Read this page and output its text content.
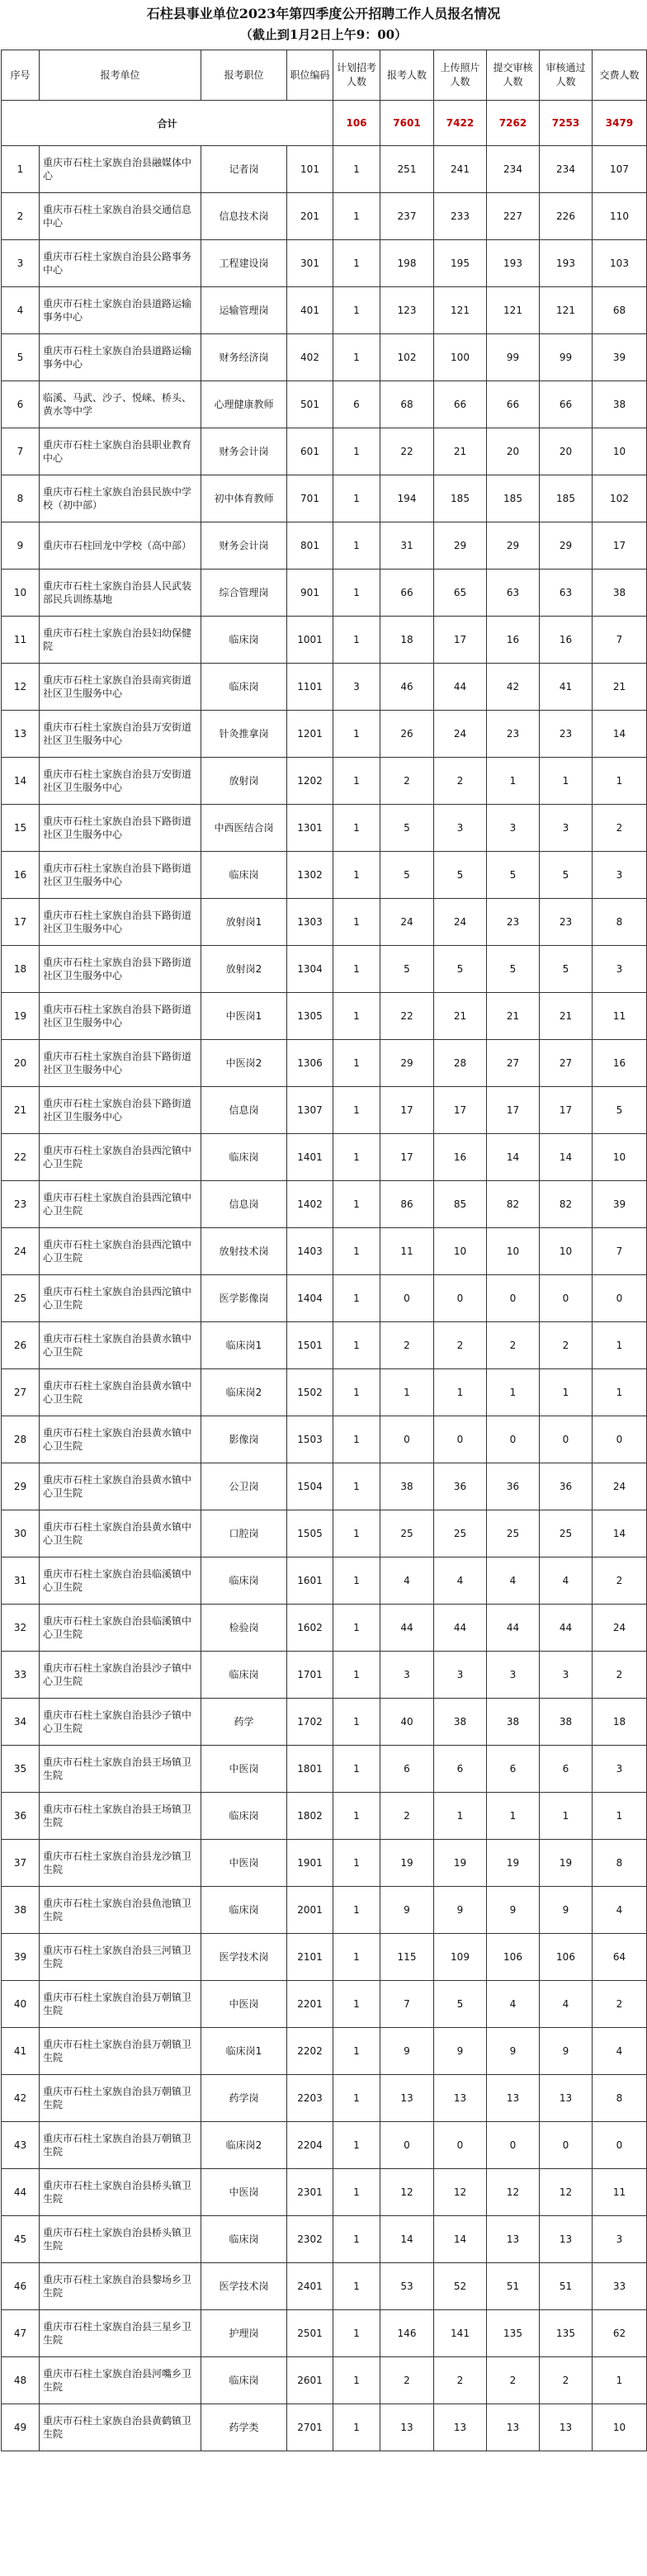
石柱县事业单位2023年第四季度公开招聘工作人员报名情况
（截止到1月2日上午9：00）
序号	报考单位	报考职位	职位编码	计划招考人数	报考人数	上传照片人数	提交审核人数	审核通过人数	交费人数
合计				106	7601	7422	7262	7253	3479
1	重庆市石柱土家族自治县融媒体中心	记者岗	101	1	251	241	234	234	107
2	重庆市石柱土家族自治县交通信息中心	信息技术岗	201	1	237	233	227	226	110
3	重庆市石柱土家族自治县公路事务中心	工程建设岗	301	1	198	195	193	193	103
4	重庆市石柱土家族自治县道路运输事务中心	运输管理岗	401	1	123	121	121	121	68
5	重庆市石柱土家族自治县道路运输事务中心	财务经济岗	402	1	102	100	99	99	39
6	临溪、马武、沙子、悦崃、桥头、黄水等中学	心理健康教师	501	6	68	66	66	66	38
7	重庆市石柱土家族自治县职业教育中心	财务会计岗	601	1	22	21	20	20	10
8	重庆市石柱土家族自治县民族中学校（初中部）	初中体育教师	701	1	194	185	185	185	102
9	重庆市石柱回龙中学校（高中部）	财务会计岗	801	1	31	29	29	29	17
10	重庆市石柱土家族自治县人民武装部民兵训练基地	综合管理岗	901	1	66	65	63	63	38
11	重庆市石柱土家族自治县妇幼保健院	临床岗	1001	1	18	17	16	16	7
12	重庆市石柱土家族自治县南宾街道社区卫生服务中心	临床岗	1101	3	46	44	42	41	21
13	重庆市石柱土家族自治县万安街道社区卫生服务中心	针灸推拿岗	1201	1	26	24	23	23	14
14	重庆市石柱土家族自治县万安街道社区卫生服务中心	放射岗	1202	1	2	2	1	1	1
15	重庆市石柱土家族自治县下路街道社区卫生服务中心	中西医结合岗	1301	1	5	3	3	3	2
16	重庆市石柱土家族自治县下路街道社区卫生服务中心	临床岗	1302	1	5	5	5	5	3
17	重庆市石柱土家族自治县下路街道社区卫生服务中心	放射岗1	1303	1	24	24	23	23	8
18	重庆市石柱土家族自治县下路街道社区卫生服务中心	放射岗2	1304	1	5	5	5	5	3
19	重庆市石柱土家族自治县下路街道社区卫生服务中心	中医岗1	1305	1	22	21	21	21	11
20	重庆市石柱土家族自治县下路街道社区卫生服务中心	中医岗2	1306	1	29	28	27	27	16
21	重庆市石柱土家族自治县下路街道社区卫生服务中心	信息岗	1307	1	17	17	17	17	5
22	重庆市石柱土家族自治县西沱镇中心卫生院	临床岗	1401	1	17	16	14	14	10
23	重庆市石柱土家族自治县西沱镇中心卫生院	信息岗	1402	1	86	85	82	82	39
24	重庆市石柱土家族自治县西沱镇中心卫生院	放射技术岗	1403	1	11	10	10	10	7
25	重庆市石柱土家族自治县西沱镇中心卫生院	医学影像岗	1404	1	0	0	0	0	0
26	重庆市石柱土家族自治县黄水镇中心卫生院	临床岗1	1501	1	2	2	2	2	1
27	重庆市石柱土家族自治县黄水镇中心卫生院	临床岗2	1502	1	1	1	1	1	1
28	重庆市石柱土家族自治县黄水镇中心卫生院	影像岗	1503	1	0	0	0	0	0
29	重庆市石柱土家族自治县黄水镇中心卫生院	公卫岗	1504	1	38	36	36	36	24
30	重庆市石柱土家族自治县黄水镇中心卫生院	口腔岗	1505	1	25	25	25	25	14
31	重庆市石柱土家族自治县临溪镇中心卫生院	临床岗	1601	1	4	4	4	4	2
32	重庆市石柱土家族自治县临溪镇中心卫生院	检验岗	1602	1	44	44	44	44	24
33	重庆市石柱土家族自治县沙子镇中心卫生院	临床岗	1701	1	3	3	3	3	2
34	重庆市石柱土家族自治县沙子镇中心卫生院	药学	1702	1	40	38	38	38	18
35	重庆市石柱土家族自治县王场镇卫生院	中医岗	1801	1	6	6	6	6	3
36	重庆市石柱土家族自治县王场镇卫生院	临床岗	1802	1	2	1	1	1	1
37	重庆市石柱土家族自治县龙沙镇卫生院	中医岗	1901	1	19	19	19	19	8
38	重庆市石柱土家族自治县鱼池镇卫生院	临床岗	2001	1	9	9	9	9	4
39	重庆市石柱土家族自治县三河镇卫生院	医学技术岗	2101	1	115	109	106	106	64
40	重庆市石柱土家族自治县万朝镇卫生院	中医岗	2201	1	7	5	4	4	2
41	重庆市石柱土家族自治县万朝镇卫生院	临床岗1	2202	1	9	9	9	9	4
42	重庆市石柱土家族自治县万朝镇卫生院	药学岗	2203	1	13	13	13	13	8
43	重庆市石柱土家族自治县万朝镇卫生院	临床岗2	2204	1	0	0	0	0	0
44	重庆市石柱土家族自治县桥头镇卫生院	中医岗	2301	1	12	12	12	12	11
45	重庆市石柱土家族自治县桥头镇卫生院	临床岗	2302	1	14	14	13	13	3
46	重庆市石柱土家族自治县黎场乡卫生院	医学技术岗	2401	1	53	52	51	51	33
47	重庆市石柱土家族自治县三星乡卫生院	护理岗	2501	1	146	141	135	135	62
48	重庆市石柱土家族自治县河嘴乡卫生院	临床岗	2601	1	2	2	2	2	1
49	重庆市石柱土家族自治县黄鹤镇卫生院	药学类	2701	1	13	13	13	13	10
